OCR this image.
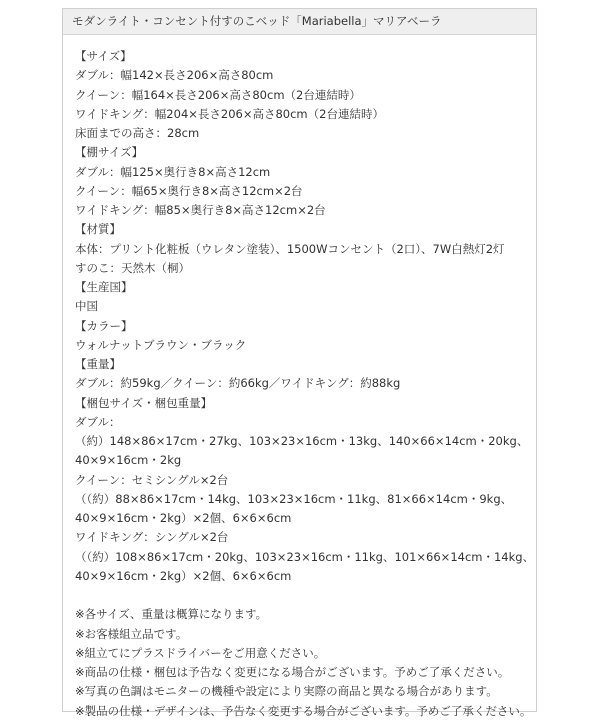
モダンライト・コンセント付すのこベッド「Mariabella」マリアベーラ
【サイズ】
ダブル：幅142×長さ206×高さ80cm
クイーン：幅164×長さ206×高さ80cm（2台連結時）
ワイドキング：幅204×長さ206×高さ80cm（2台連結時）
床面までの高さ：28cm
【棚サイズ】
ダブル：幅125×奥行き8×高さ12cm
クイーン：幅65×奥行き8×高さ12cm×2台
ワイドキング：幅85×奥行き8×高さ12cm×2台
【材質】
本体：プリント化粧板（ウレタン塗装）、1500Wコンセント（2口）、7W白熱灯2灯
すのこ：天然木（桐）
【生産国】
中国
【カラー】
ウォルナットブラウン・ブラック
【重量】
ダブル：約59kg／クイーン：約66kg／ワイドキング：約88kg
【梱包サイズ・梱包重量】
ダブル：
（約）148×86×17cm・27kg、103×23×16cm・13kg、140×66×14cm・20kg、
40×9×16cm・2kg
クイーン：セミシングル×2台
（（約）88×86×17cm・14kg、103×23×16cm・11kg、81×66×14cm・9kg、
40×9×16cm・2kg）×2個、6×6×6cm
ワイドキング：シングル×2台
（（約）108×86×17cm・20kg、103×23×16cm・11kg、101×66×14cm・14kg、
40×9×16cm・2kg）×2個、6×6×6cm
※各サイズ、重量は概算になります。
※お客様組立品です。
※組立てにプラスドライバーをご用意ください。
※商品の仕様・梱包は予告なく変更になる場合がございます。予めご了承ください。
※写真の色調はモニターの機種や設定により実際の商品と異なる場合があります。
※製品の仕様・デザインは、予告なく変更する場合がございます。予めご了承ください。
